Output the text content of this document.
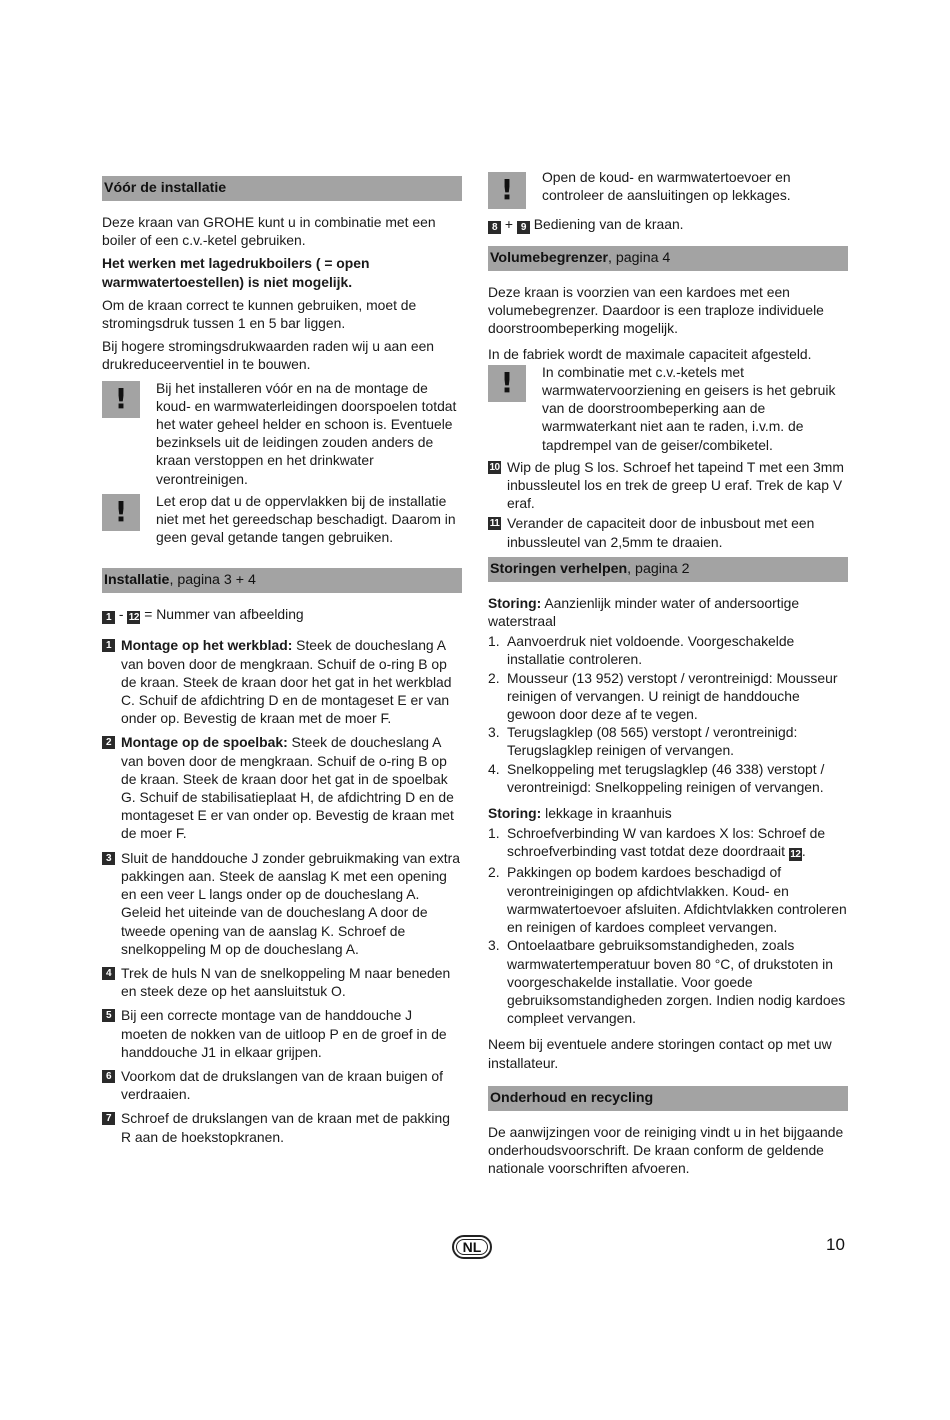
Vóór de installatie

Deze kraan van GROHE kunt u in combinatie met een boiler of een c.v.-ketel gebruiken.

Het werken met lagedrukboilers ( = open warmwatertoestellen) is niet mogelijk.

Om de kraan correct te kunnen gebruiken, moet de stromingsdruk tussen 1 en 5 bar liggen.

Bij hogere stromingsdrukwaarden raden wij u aan een drukreduceerventiel in te bouwen.

!	Bij het installeren vóór en na de montage de koud- en warmwaterleidingen doorspoelen totdat het water geheel helder en schoon is. Eventuele bezinksels uit de leidingen zouden anders de kraan verstoppen en het drinkwater verontreinigen.
!	Let erop dat u de oppervlakken bij de installatie niet met het gereedschap beschadigt. Daarom in geen geval getande tangen gebruiken.
Installatie, pagina 3 + 4

1 - 12 = Nummer van afbeelding

1 Montage op het werkblad: Steek de doucheslang A van boven door de mengkraan. Schuif de o-ring B op de kraan. Steek de kraan door het gat in het werkblad C. Schuif de afdichtring D en de montageset E er van onder op. Bevestig de kraan met de moer F.
2 Montage op de spoelbak: Steek de doucheslang A van boven door de mengkraan. Schuif de o-ring B op de kraan. Steek de kraan door het gat in de spoelbak G. Schuif de stabilisatieplaat H, de afdichtring D en de montageset E er van onder op. Bevestig de kraan met de moer F.
3 Sluit de handdouche J zonder gebruikmaking van extra pakkingen aan. Steek de aanslag K met een opening en een veer L langs onder op de doucheslang A. Geleid het uiteinde van de doucheslang A door de tweede opening van de aanslag K. Schroef de snelkoppeling M op de doucheslang A.
4 Trek de huls N van de snelkoppeling M naar beneden en steek deze op het aansluitstuk O.
5 Bij een correcte montage van de handdouche J moeten de nokken van de uitloop P en de groef in de handdouche J1 in elkaar grijpen.
6 Voorkom dat de drukslangen van de kraan buigen of verdraaien.
7 Schroef de drukslangen van de kraan met de pakking R aan de hoekstopkranen.
!	Open de koud- en warmwatertoevoer en controleer de aansluitingen op lekkages.

8 + 9 Bediening van de kraan.

Volumebegrenzer, pagina 4

Deze kraan is voorzien van een kardoes met een volumebegrenzer. Daardoor is een traploze individuele doorstroombeperking mogelijk.

In de fabriek wordt de maximale capaciteit afgesteld.

!	In combinatie met c.v.-ketels met warmwatervoorziening en geisers is het gebruik van de doorstroombeperking aan de warmwaterkant niet aan te raden, i.v.m. de tapdrempel van de geiser/combiketel.
10 Wip de plug S los. Schroef het tapeind T met een 3mm inbussleutel los en trek de greep U eraf. Trek de kap V eraf.
11 Verander de capaciteit door de inbusbout met een inbussleutel van 2,5mm te draaien.
Storingen verhelpen, pagina 2

Storing: Aanzienlijk minder water of andersoortige waterstraal

1. Aanvoerdruk niet voldoende. Voorgeschakelde installatie controleren.
2. Mousseur (13 952) verstopt / verontreinigd: Mousseur reinigen of vervangen. U reinigt de handdouche gewoon door deze af te vegen.
3. Terugslagklep (08 565) verstopt / verontreinigd: Terugslagklep reinigen of vervangen.
4. Snelkoppeling met terugslagklep (46 338) verstopt / verontreinigd: Snelkoppeling reinigen of vervangen.

Storing: lekkage in kraanhuis

1. Schroefverbinding W van kardoes X los: Schroef de schroefverbinding vast totdat deze doordraait 12.
2. Pakkingen op bodem kardoes beschadigd of verontreinigingen op afdichtvlakken. Koud- en warmwatertoevoer afsluiten. Afdichtvlakken controleren en reinigen of kardoes compleet vervangen.
3. Ontoelaatbare gebruiksomstandigheden, zoals warmwatertemperatuur boven 80 °C, of drukstoten in voorgeschakelde installatie. Voor goede gebruiksomstandigheden zorgen. Indien nodig kardoes compleet vervangen.

Neem bij eventuele andere storingen contact op met uw installateur.

Onderhoud en recycling

De aanwijzingen voor de reiniging vindt u in het bijgaande onderhoudsvoorschrift. De kraan conform de geldende nationale voorschriften afvoeren.

NL	10
